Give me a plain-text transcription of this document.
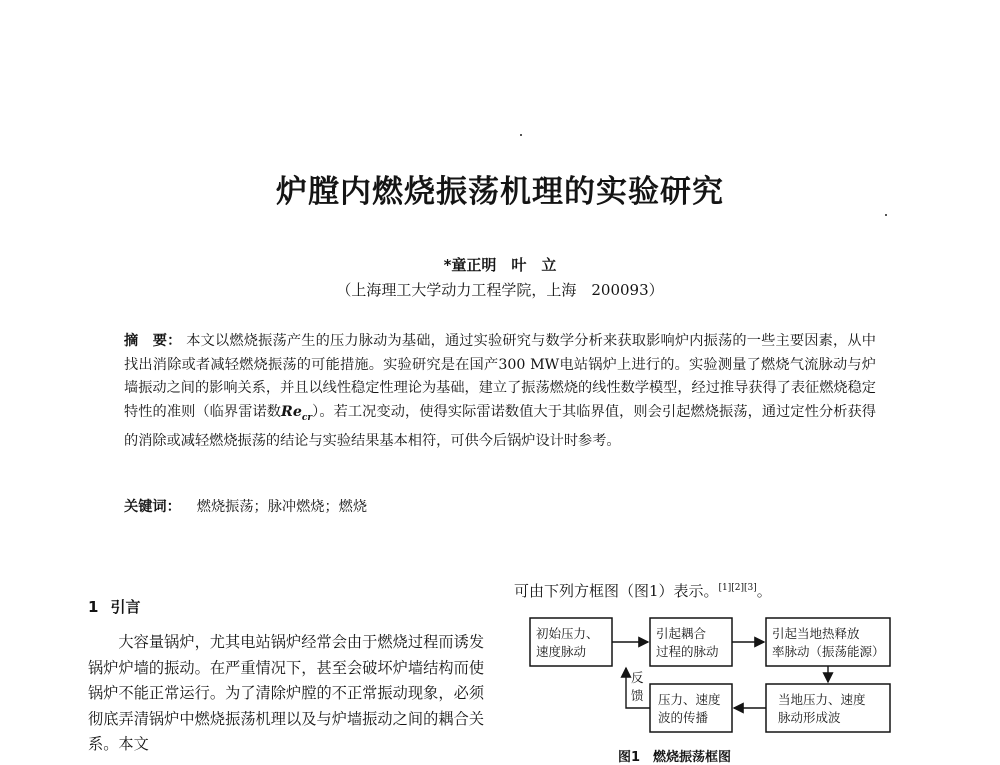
炉膛内燃烧振荡机理的实验研究
*童正明　叶　立
（上海理工大学动力工程学院，上海　200093）
摘　要： 本文以燃烧振荡产生的压力脉动为基础，通过实验研究与数学分析来获取影响炉内振荡的一些主要因素，从中找出消除或者减轻燃烧振荡的可能措施。实验研究是在国产300 MW电站锅炉上进行的。实验测量了燃烧气流脉动与炉墙振动之间的影响关系，并且以线性稳定性理论为基础，建立了振荡燃烧的线性数学模型，经过推导获得了表征燃烧稳定特性的准则（临界雷诺数$Re_{cr}$）。若工况变动，使得实际雷诺数值大于其临界值，则会引起燃烧振荡，通过定性分析获得的消除或减轻燃烧振荡的结论与实验结果基本相符，可供今后锅炉设计时参考。
关键词： 燃烧振荡；脉冲燃烧；燃烧
1 引言
大容量锅炉，尤其电站锅炉经常会由于燃烧过程而诱发锅炉炉墙的振动。在严重情况下，甚至会破坏炉墙结构而使锅炉不能正常运行。为了清除炉膛的不正常振动现象，必须彻底弄清锅炉中燃烧振荡机理以及与炉墙振动之间的耦合关系。本文
可由下列方框图（图1）表示。[1][2][3]。
初始压力、
速度脉动
引起耦合
过程的脉动
引起当地热释放
率脉动（振荡能源）
当地压力、速度
脉动形成波
压力、速度
波的传播
反
馈
图1　燃烧振荡框图
